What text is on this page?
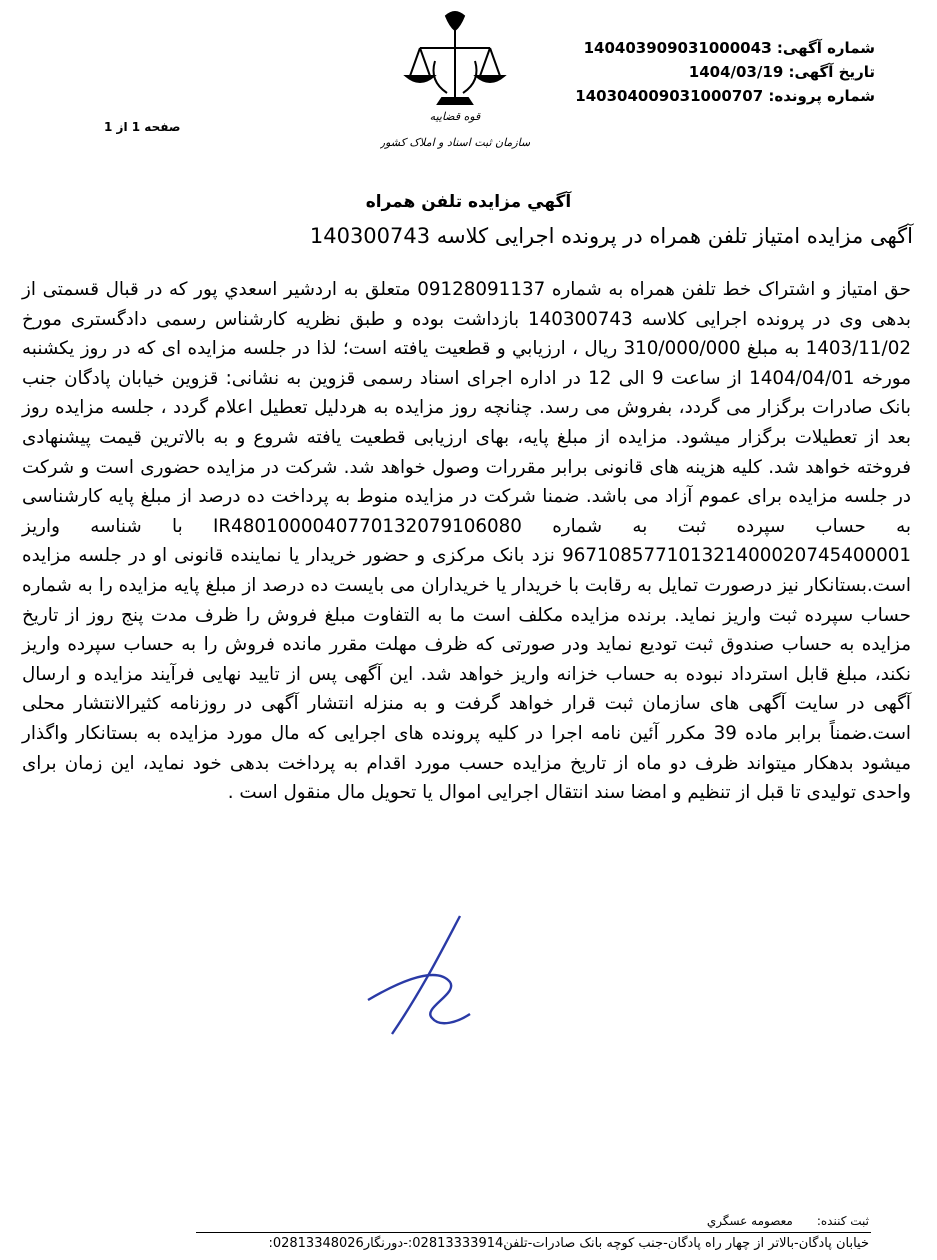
شماره آگهی: 14040390903100004З
تاریخ آگهی: 1404/03/19
شماره پرونده: 14030400903100070​7
صفحه 1 از 1
قوه قضاییه
سازمان ثبت اسناد و املاک کشور
آگهي مزايده تلفن همراه
آگهی مزایده امتیاز تلفن همراه در پرونده اجرایی کلاسه 140300743
حق امتیاز و اشتراک خط تلفن همراه به شماره 09128091137 متعلق به اردشیر اسعدي پور که در قبال قسمتی از بدهی وی در پرونده اجرایی کلاسه 140300743 بازداشت بوده و طبق نظریه کارشناس رسمی دادگستری مورخ 1403/11/02 به مبلغ 310/000/000 ریال ، ارزيابي و قطعيت يافته است؛ لذا در جلسه مزايده ای که در روز یکشنبه مورخه 1404/04/01 از ساعت 9 الی 12 در اداره اجرای اسناد رسمی قزوین به نشانی: قزوین خیابان پادگان جنب بانک صادرات برگزار می گردد، بفروش می رسد. چنانچه روز مزایده به هردلیل تعطیل اعلام گردد ، جلسه مزایده روز بعد از تعطیلات برگزار میشود. مزایده از مبلغ پایه، بهای ارزیابی قطعیت یافته شروع و به بالاترین قیمت پیشنهادی فروخته خواهد شد. کلیه هزینه های قانونی برابر مقررات وصول خواهد شد. شرکت در مزایده حضوری است و شرکت در جلسه مزایده برای عموم آزاد می باشد. ضمنا شرکت در مزایده منوط به پرداخت ده درصد از مبلغ پایه کارشناسی به حساب سپرده ثبت به شماره IR480100004077013207910608​0 با شناسه واریز 967108577101321400020745400001 نزد بانک مرکزی و حضور خریدار یا نماینده قانونی او در جلسه مزایده است.بستانکار نیز درصورت تمایل به رقابت با خریدار یا خریداران می بایست ده درصد از مبلغ پایه مزایده را به شماره حساب سپرده ثبت واریز نماید. برنده مزایده مکلف است ما به التفاوت مبلغ فروش را ظرف مدت پنج روز از تاریخ مزایده به حساب صندوق ثبت تودیع نماید ودر صورتی که ظرف مهلت مقرر مانده فروش را به حساب سپرده واریز نکند، مبلغ قابل استرداد نبوده به حساب خزانه واریز خواهد شد. این آگهی پس از تایید نهایی فرآیند مزایده و ارسال آگهی در سایت آگهی های سازمان ثبت قرار خواهد گرفت و به منزله انتشار آگهی در روزنامه کثیرالانتشار محلی است.ضمناً برابر ماده 39 مکرر آئین نامه اجرا در کلیه پرونده های اجرایی که مال مورد مزایده به بستانکار واگذار میشود بدهکار میتواند ظرف دو ماه از تاریخ مزایده حسب مورد اقدام به پرداخت بدهی خود نماید، این زمان برای واحدی تولیدی تا قبل از تنظیم و امضا سند انتقال اجرایی اموال یا تحویل مال منقول است .
ثبت کننده:معصومه عسگري
خیابان پادگان-بالاتر از چهار راه پادگان-جنب کوچه بانک صادرات-تلفن02813333914:-دورنگار02813348026:
